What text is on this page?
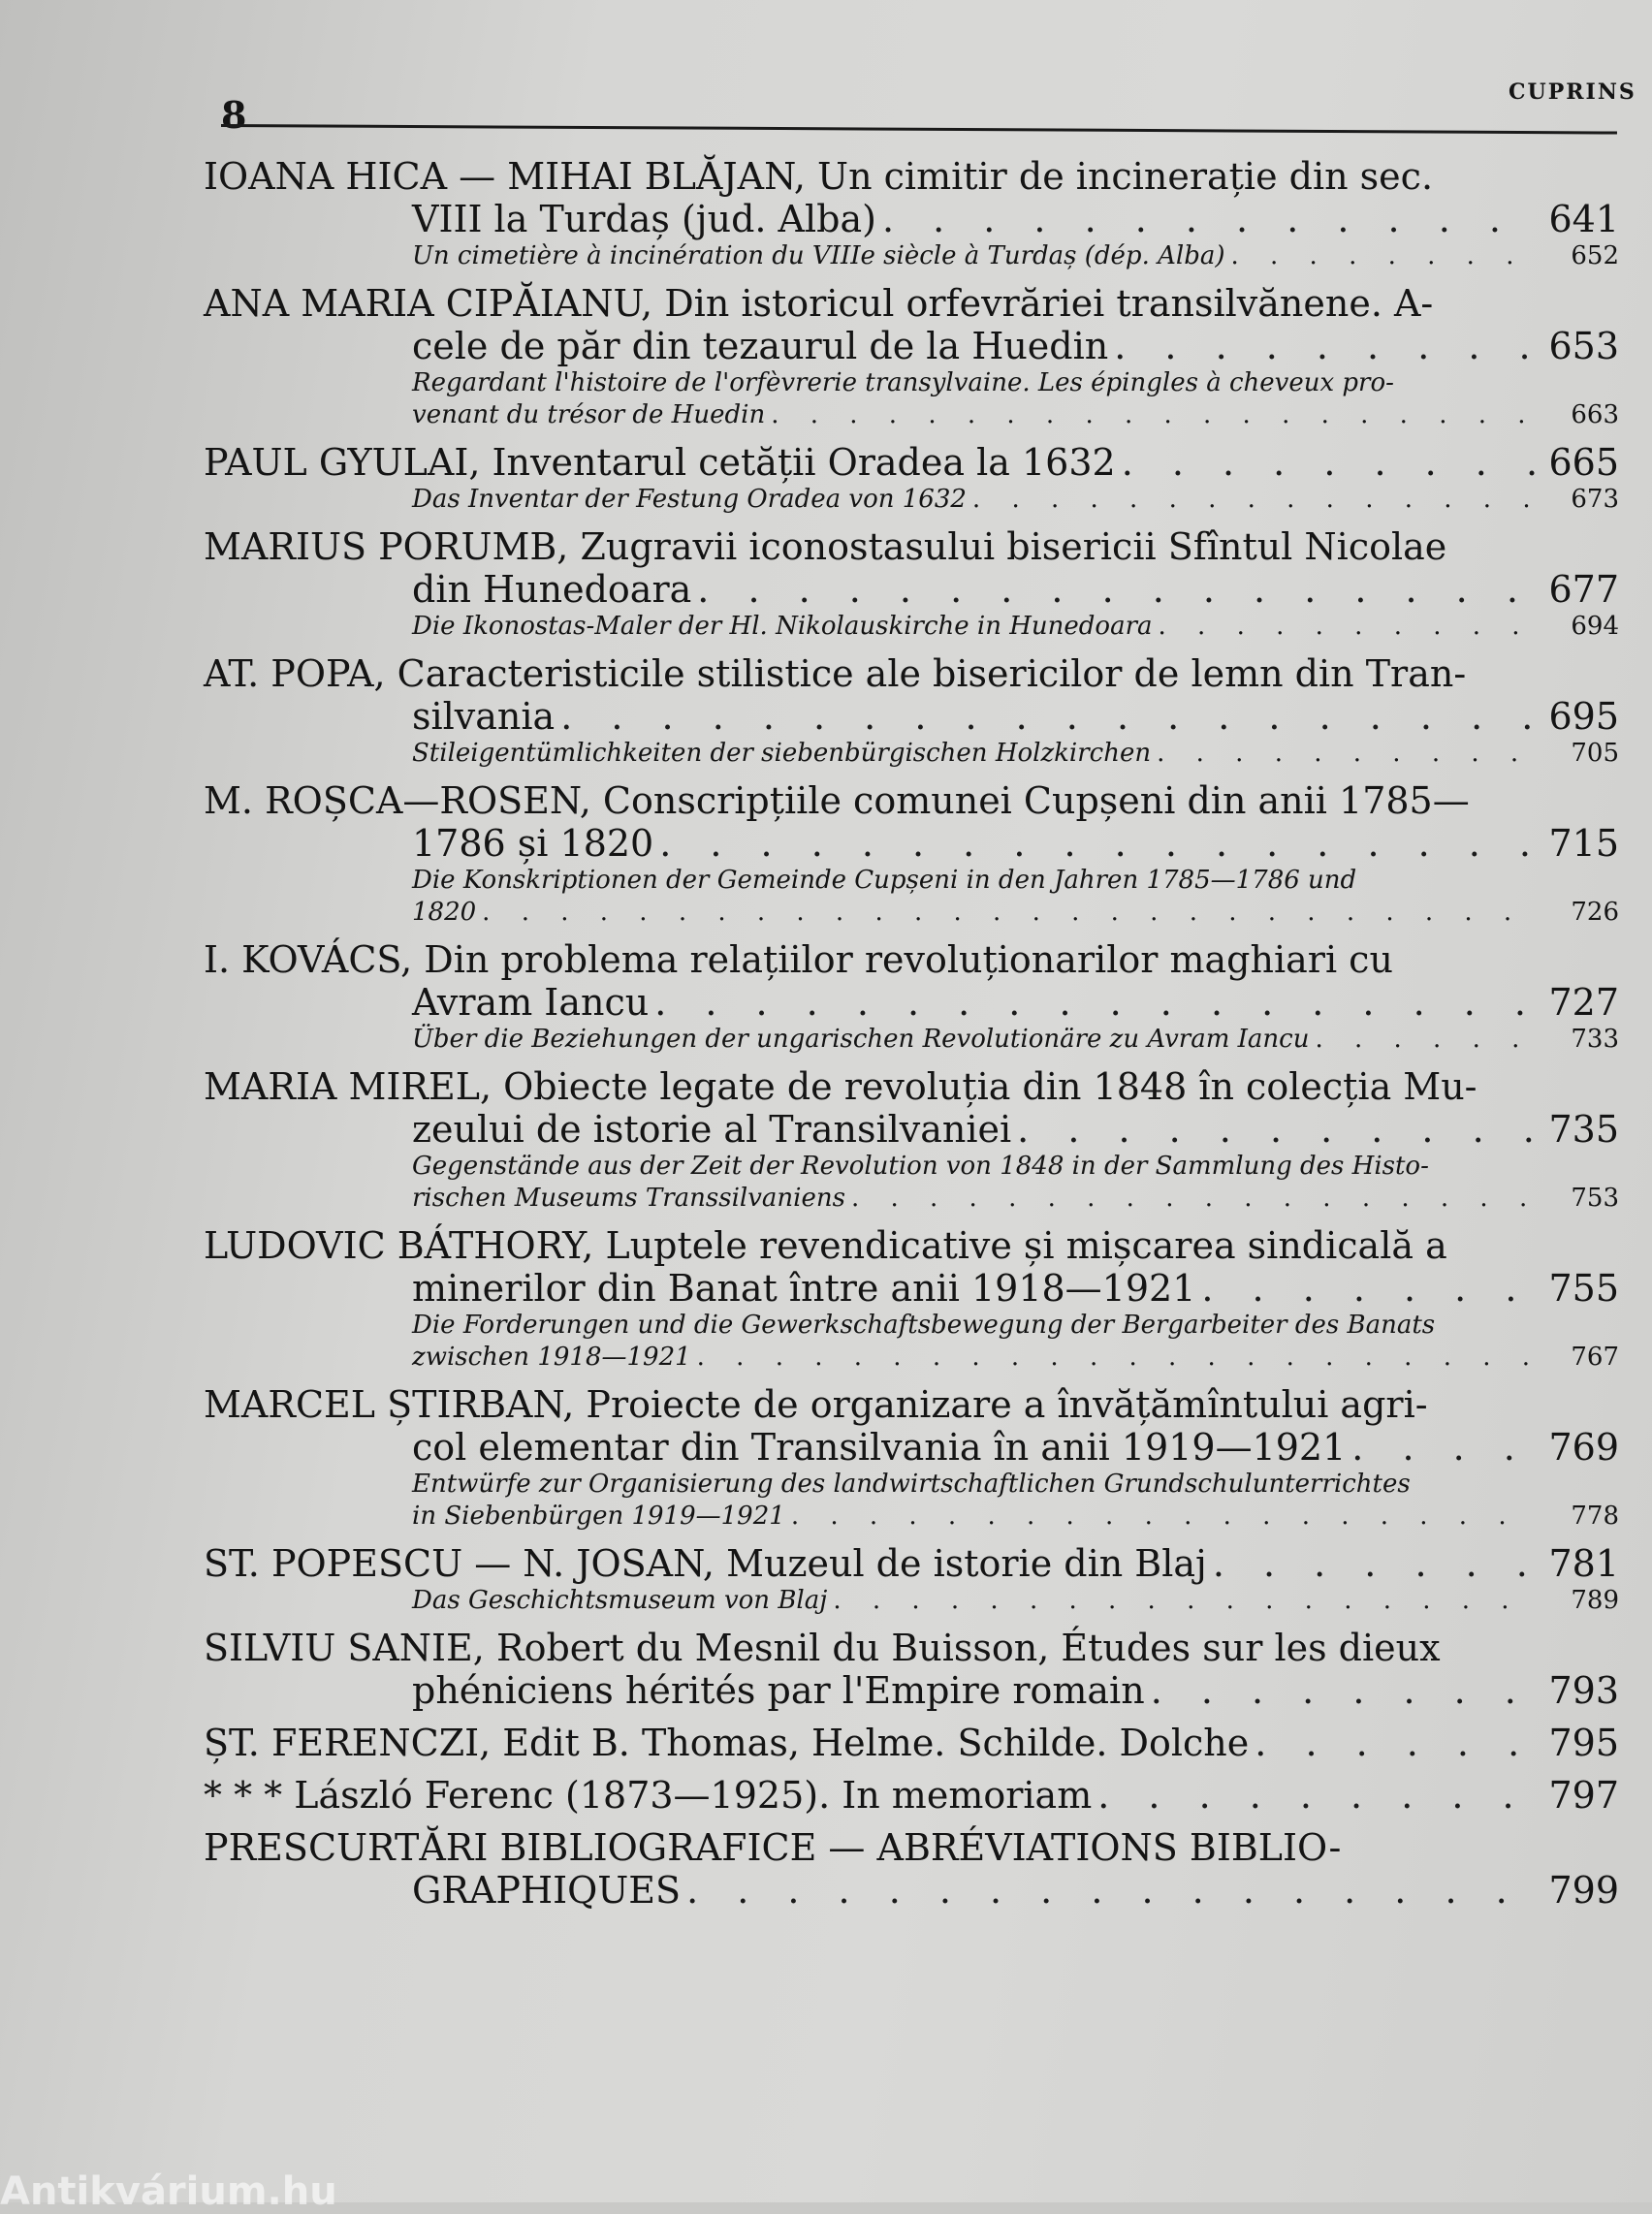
8
CUPRINS
IOANA HICA — MIHAI BLĂJAN, Un cimitir de incinerație din sec.
VIII la Turdaș (jud. Alba) . . .	641
Un cimetière à incinération du VIIIe siècle à Turdaș (dép. Alba) . . .	652
ANA MARIA CIPĂIANU, Din istoricul orfevrăriei transilvănene. A-
cele de păr din tezaurul de la Huedin . . .	653
Regardant l'histoire de l'orfèvrerie transylvaine. Les épingles à cheveux pro-
venant du trésor de Huedin . . .	663
PAUL GYULAI, Inventarul cetății Oradea la 1632 . . .	665
Das Inventar der Festung Oradea von 1632 . . .	673
MARIUS PORUMB, Zugravii iconostasului bisericii Sfîntul Nicolae
din Hunedoara . . .	677
Die Ikonostas-Maler der Hl. Nikolauskirche in Hunedoara . . .	694
AT. POPA, Caracteristicile stilistice ale bisericilor de lemn din Tran-
silvania . . .	695
Stileigentümlichkeiten der siebenbürgischen Holzkirchen . . .	705
M. ROȘCA—ROSEN, Conscripțiile comunei Cupșeni din anii 1785—
1786 și 1820 . . .	715
Die Konskriptionen der Gemeinde Cupșeni in den Jahren 1785—1786 und
1820 . . .	726
I. KOVÁCS, Din problema relațiilor revoluționarilor maghiari cu
Avram Iancu . . .	727
Über die Beziehungen der ungarischen Revolutionäre zu Avram Iancu . . .	733
MARIA MIREL, Obiecte legate de revoluția din 1848 în colecția Mu-
zeului de istorie al Transilvaniei . . .	735
Gegenstände aus der Zeit der Revolution von 1848 in der Sammlung des Histo-
rischen Museums Transsilvaniens . . .	753
LUDOVIC BÁTHORY, Luptele revendicative și mișcarea sindicală a
minerilor din Banat între anii 1918—1921 . . .	755
Die Forderungen und die Gewerkschaftsbewegung der Bergarbeiter des Banats
zwischen 1918—1921 . . .	767
MARCEL ȘTIRBAN, Proiecte de organizare a învățămîntului agri-
col elementar din Transilvania în anii 1919—1921 . . .	769
Entwürfe zur Organisierung des landwirtschaftlichen Grundschulunterrichtes
in Siebenbürgen 1919—1921 . . .	778
ST. POPESCU — N. JOSAN, Muzeul de istorie din Blaj . . .	781
Das Geschichtsmuseum von Blaj . . .	789
SILVIU SANIE, Robert du Mesnil du Buisson, Études sur les dieux
phéniciens hérités par l'Empire romain . . .	793
ȘT. FERENCZI, Edit B. Thomas, Helme. Schilde. Dolche . . .	795
* * * László Ferenc (1873—1925). In memoriam . . .	797
PRESCURTĂRI BIBLIOGRAFICE — ABRÉVIATIONS BIBLIO-
GRAPHIQUES . . .	799
Antikvárium.hu
